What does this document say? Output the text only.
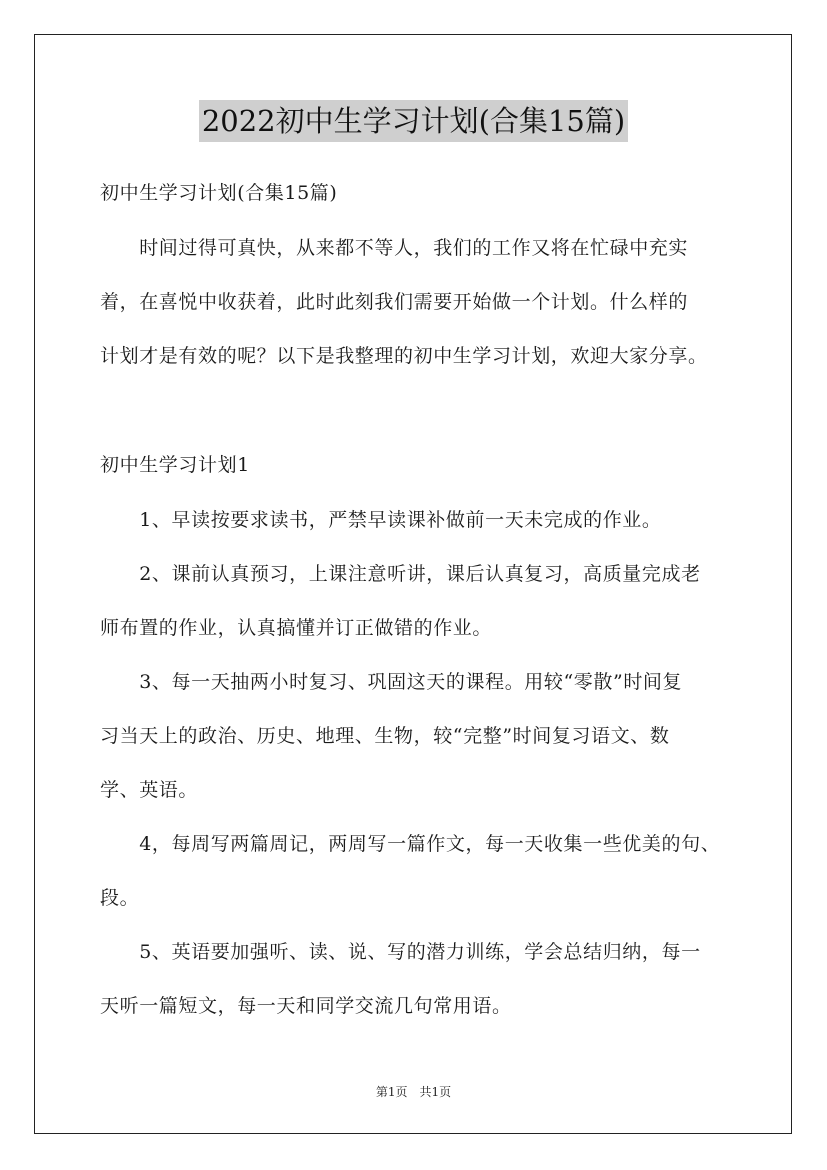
2022初中生学习计划(合集15篇)
初中生学习计划(合集15篇)
　　时间过得可真快，从来都不等人，我们的工作又将在忙碌中充实
着，在喜悦中收获着，此时此刻我们需要开始做一个计划。什么样的
计划才是有效的呢？以下是我整理的初中生学习计划，欢迎大家分享。
初中生学习计划1
　　1、早读按要求读书，严禁早读课补做前一天未完成的作业。
　　2、课前认真预习，上课注意听讲，课后认真复习，高质量完成老
师布置的作业，认真搞懂并订正做错的作业。
　　3、每一天抽两小时复习、巩固这天的课程。用较“零散”时间复
习当天上的政治、历史、地理、生物，较“完整”时间复习语文、数
学、英语。
　　4，每周写两篇周记，两周写一篇作文，每一天收集一些优美的句、
段。
　　5、英语要加强听、读、说、写的潜力训练，学会总结归纳，每一
天听一篇短文，每一天和同学交流几句常用语。
第1页　共1页
